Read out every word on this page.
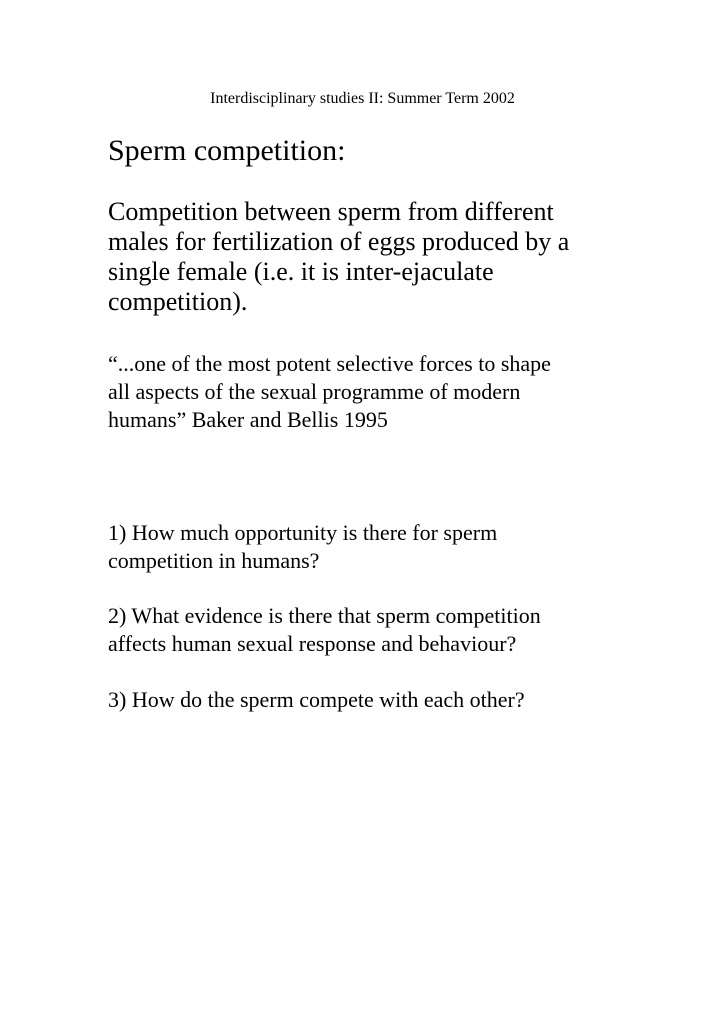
Interdisciplinary studies II: Summer Term 2002

Sperm competition:

Competition between sperm from different
males for fertilization of eggs produced by a
single female (i.e. it is inter-ejaculate
competition).

“...one of the most potent selective forces to shape
all aspects of the sexual programme of modern
humans” Baker and Bellis 1995

1) How much opportunity is there for sperm
competition in humans?

2) What evidence is there that sperm competition
affects human sexual response and behaviour?

3) How do the sperm compete with each other?
